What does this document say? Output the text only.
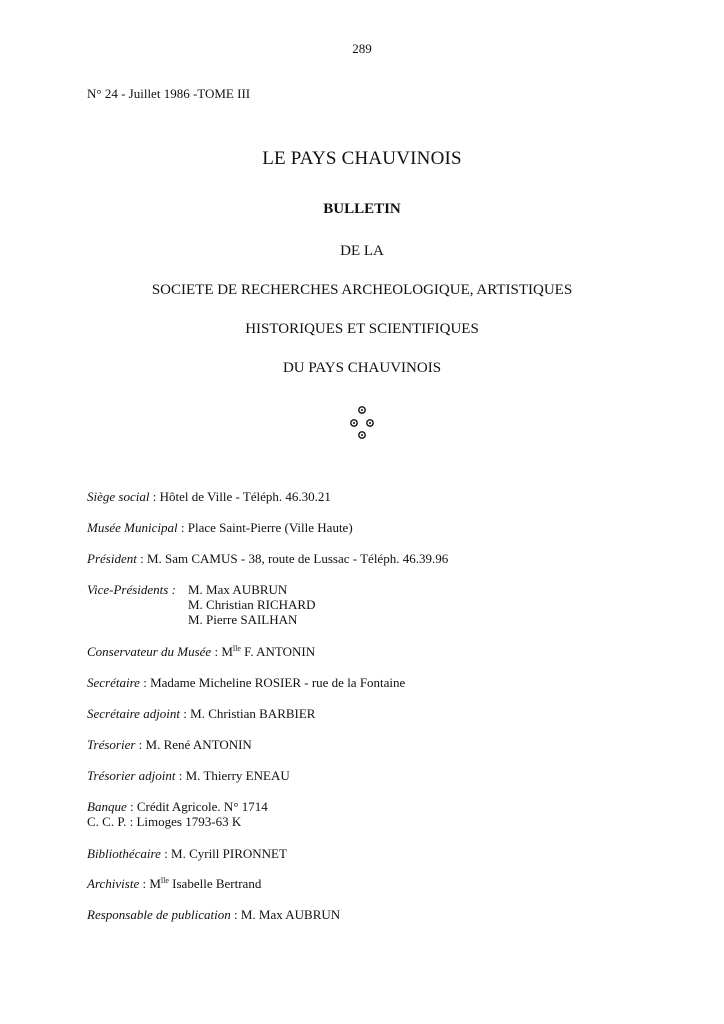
289
N° 24 - Juillet 1986 -TOME III
LE PAYS CHAUVINOIS
BULLETIN
DE LA
SOCIETE DE RECHERCHES ARCHEOLOGIQUE, ARTISTIQUES
HISTORIQUES ET SCIENTIFIQUES
DU PAYS CHAUVINOIS
Siège social : Hôtel de Ville - Téléph. 46.30.21
Musée Municipal : Place Saint-Pierre (Ville Haute)
Président : M. Sam CAMUS - 38, route de Lussac - Téléph. 46.39.96
Vice-Présidents : M. Max AUBRUN
M. Christian RICHARD
M. Pierre SAILHAN
Conservateur du Musée : $M^{lle}$ F. ANTONIN
Secrétaire : Madame Micheline ROSIER - rue de la Fontaine
Secrétaire adjoint : M. Christian BARBIER
Trésorier : M. René ANTONIN
Trésorier adjoint : M. Thierry ENEAU
Banque : Crédit Agricole. N° 1714
C. C. P. : Limoges 1793-63 K
Bibliothécaire : M. Cyrill PIRONNET
Archiviste : $M^{lle}$ Isabelle Bertrand
Responsable de publication : M. Max AUBRUN
